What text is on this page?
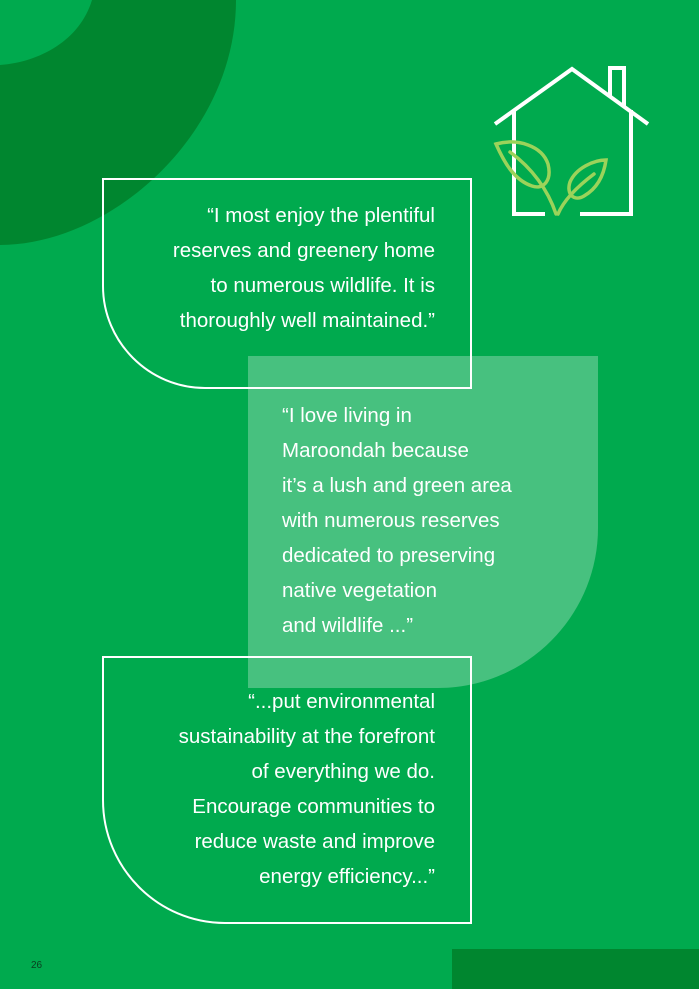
“I most enjoy the plentiful
reserves and greenery home
to numerous wildlife. It is
thoroughly well maintained.”
“I love living in
Maroondah because
it’s a lush and green area
with numerous reserves
dedicated to preserving
native vegetation
and wildlife ...”
“...put environmental
sustainability at the forefront
of everything we do.
Encourage communities to
reduce waste and improve
energy efficiency...”
26
